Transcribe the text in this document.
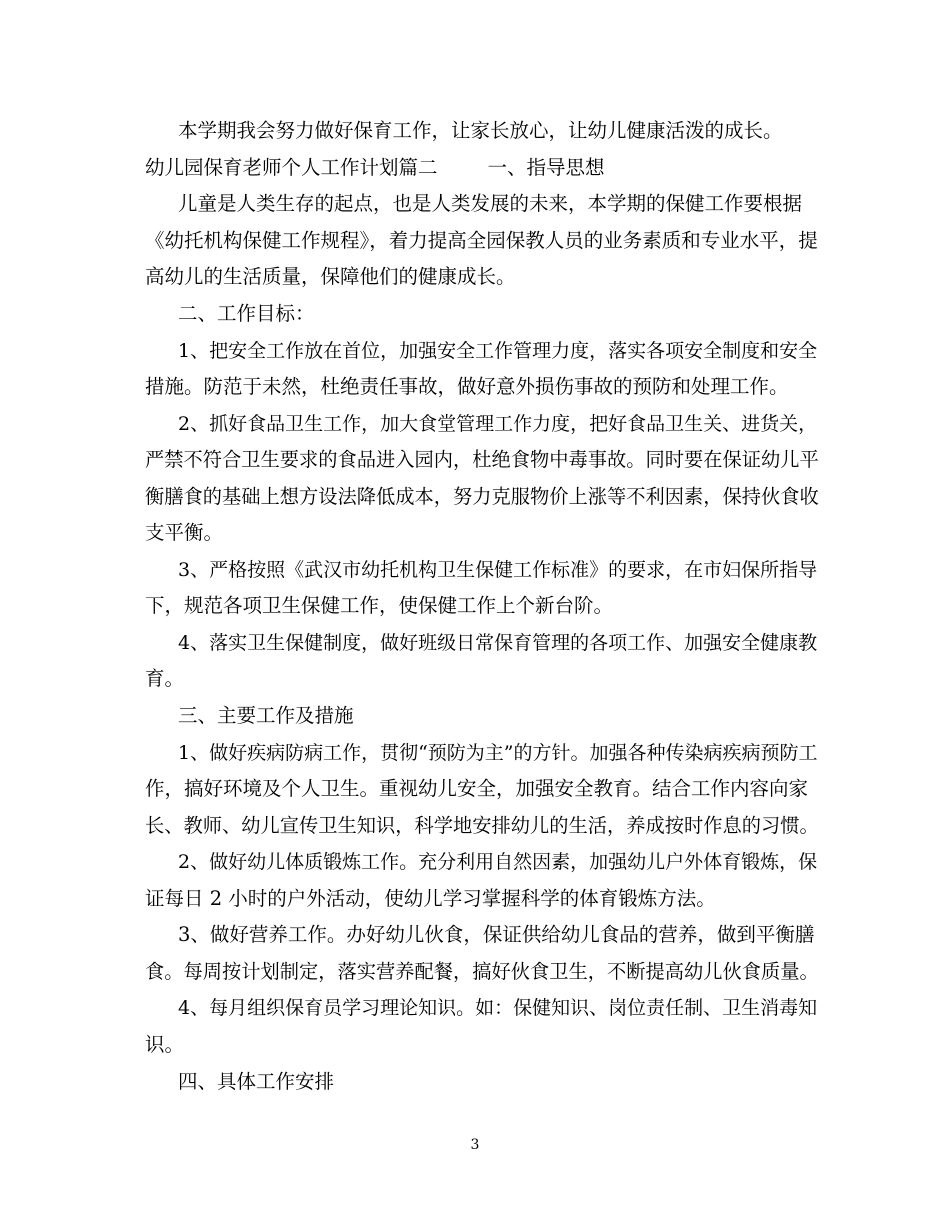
本学期我会努力做好保育工作，让家长放心，让幼儿健康活泼的成长。
幼儿园保育老师个人工作计划篇二	一、指导思想
儿童是人类生存的起点，也是人类发展的未来，本学期的保健工作要根据
《幼托机构保健工作规程》，着力提高全园保教人员的业务素质和专业水平，提
高幼儿的生活质量，保障他们的健康成长。
二、工作目标：
1、把安全工作放在首位，加强安全工作管理力度，落实各项安全制度和安全
措施。防范于未然，杜绝责任事故，做好意外损伤事故的预防和处理工作。
2、抓好食品卫生工作，加大食堂管理工作力度，把好食品卫生关、进货关，
严禁不符合卫生要求的食品进入园内，杜绝食物中毒事故。同时要在保证幼儿平
衡膳食的基础上想方设法降低成本，努力克服物价上涨等不利因素，保持伙食收
支平衡。
3、严格按照《武汉市幼托机构卫生保健工作标准》的要求，在市妇保所指导
下，规范各项卫生保健工作，使保健工作上个新台阶。
4、落实卫生保健制度，做好班级日常保育管理的各项工作、加强安全健康教
育。
三、主要工作及措施
1、做好疾病防病工作，贯彻“预防为主”的方针。加强各种传染病疾病预防工
作，搞好环境及个人卫生。重视幼儿安全，加强安全教育。结合工作内容向家
长、教师、幼儿宣传卫生知识，科学地安排幼儿的生活，养成按时作息的习惯。
2、做好幼儿体质锻炼工作。充分利用自然因素，加强幼儿户外体育锻炼，保
证每日 2 小时的户外活动，使幼儿学习掌握科学的体育锻炼方法。
3、做好营养工作。办好幼儿伙食，保证供给幼儿食品的营养，做到平衡膳
食。每周按计划制定，落实营养配餐，搞好伙食卫生，不断提高幼儿伙食质量。
4、每月组织保育员学习理论知识。如：保健知识、岗位责任制、卫生消毒知
识。
四、具体工作安排
3
